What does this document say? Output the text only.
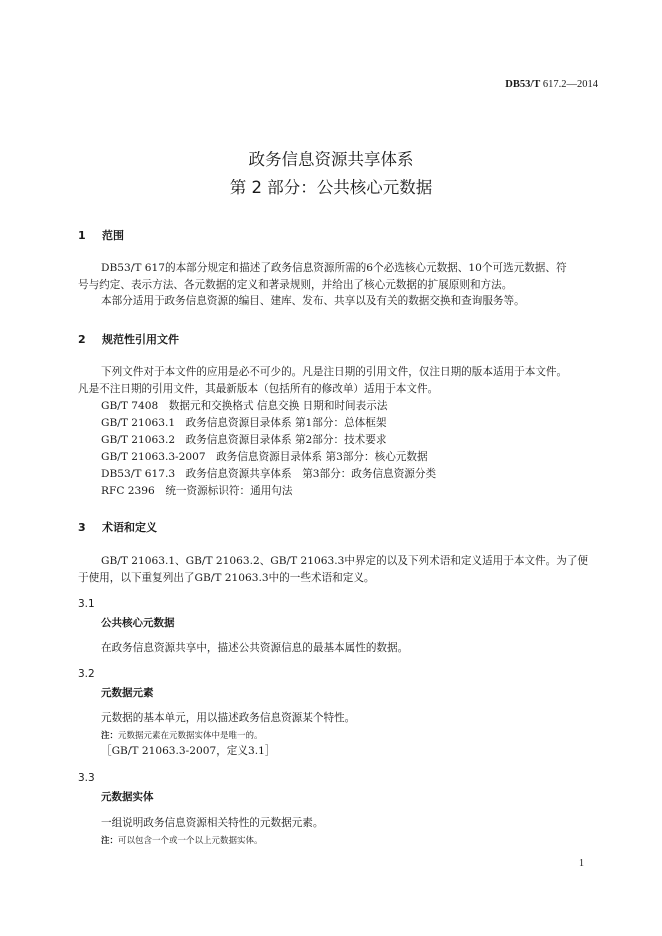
DB53/T 617.2—2014
政务信息资源共享体系
第 2 部分：公共核心元数据
1 范围
DB53/T 617的本部分规定和描述了政务信息资源所需的6个必选核心元数据、10个可选元数据、符
号与约定、表示方法、各元数据的定义和著录规则，并给出了核心元数据的扩展原则和方法。
本部分适用于政务信息资源的编目、建库、发布、共享以及有关的数据交换和查询服务等。
2 规范性引用文件
下列文件对于本文件的应用是必不可少的。凡是注日期的引用文件，仅注日期的版本适用于本文件。
凡是不注日期的引用文件，其最新版本（包括所有的修改单）适用于本文件。
GB/T 7408　数据元和交换格式 信息交换 日期和时间表示法
GB/T 21063.1　政务信息资源目录体系 第1部分：总体框架
GB/T 21063.2　政务信息资源目录体系 第2部分：技术要求
GB/T 21063.3-2007　政务信息资源目录体系 第3部分：核心元数据
DB53/T 617.3　政务信息资源共享体系　第3部分：政务信息资源分类
RFC 2396　统一资源标识符：通用句法
3 术语和定义
GB/T 21063.1、GB/T 21063.2、GB/T 21063.3中界定的以及下列术语和定义适用于本文件。为了便
于使用，以下重复列出了GB/T 21063.3中的一些术语和定义。
3.1
公共核心元数据
在政务信息资源共享中，描述公共资源信息的最基本属性的数据。
3.2
元数据元素
元数据的基本单元，用以描述政务信息资源某个特性。
注：元数据元素在元数据实体中是唯一的。
［GB/T 21063.3-2007，定义3.1］
3.3
元数据实体
一组说明政务信息资源相关特性的元数据元素。
注：可以包含一个或一个以上元数据实体。
1
